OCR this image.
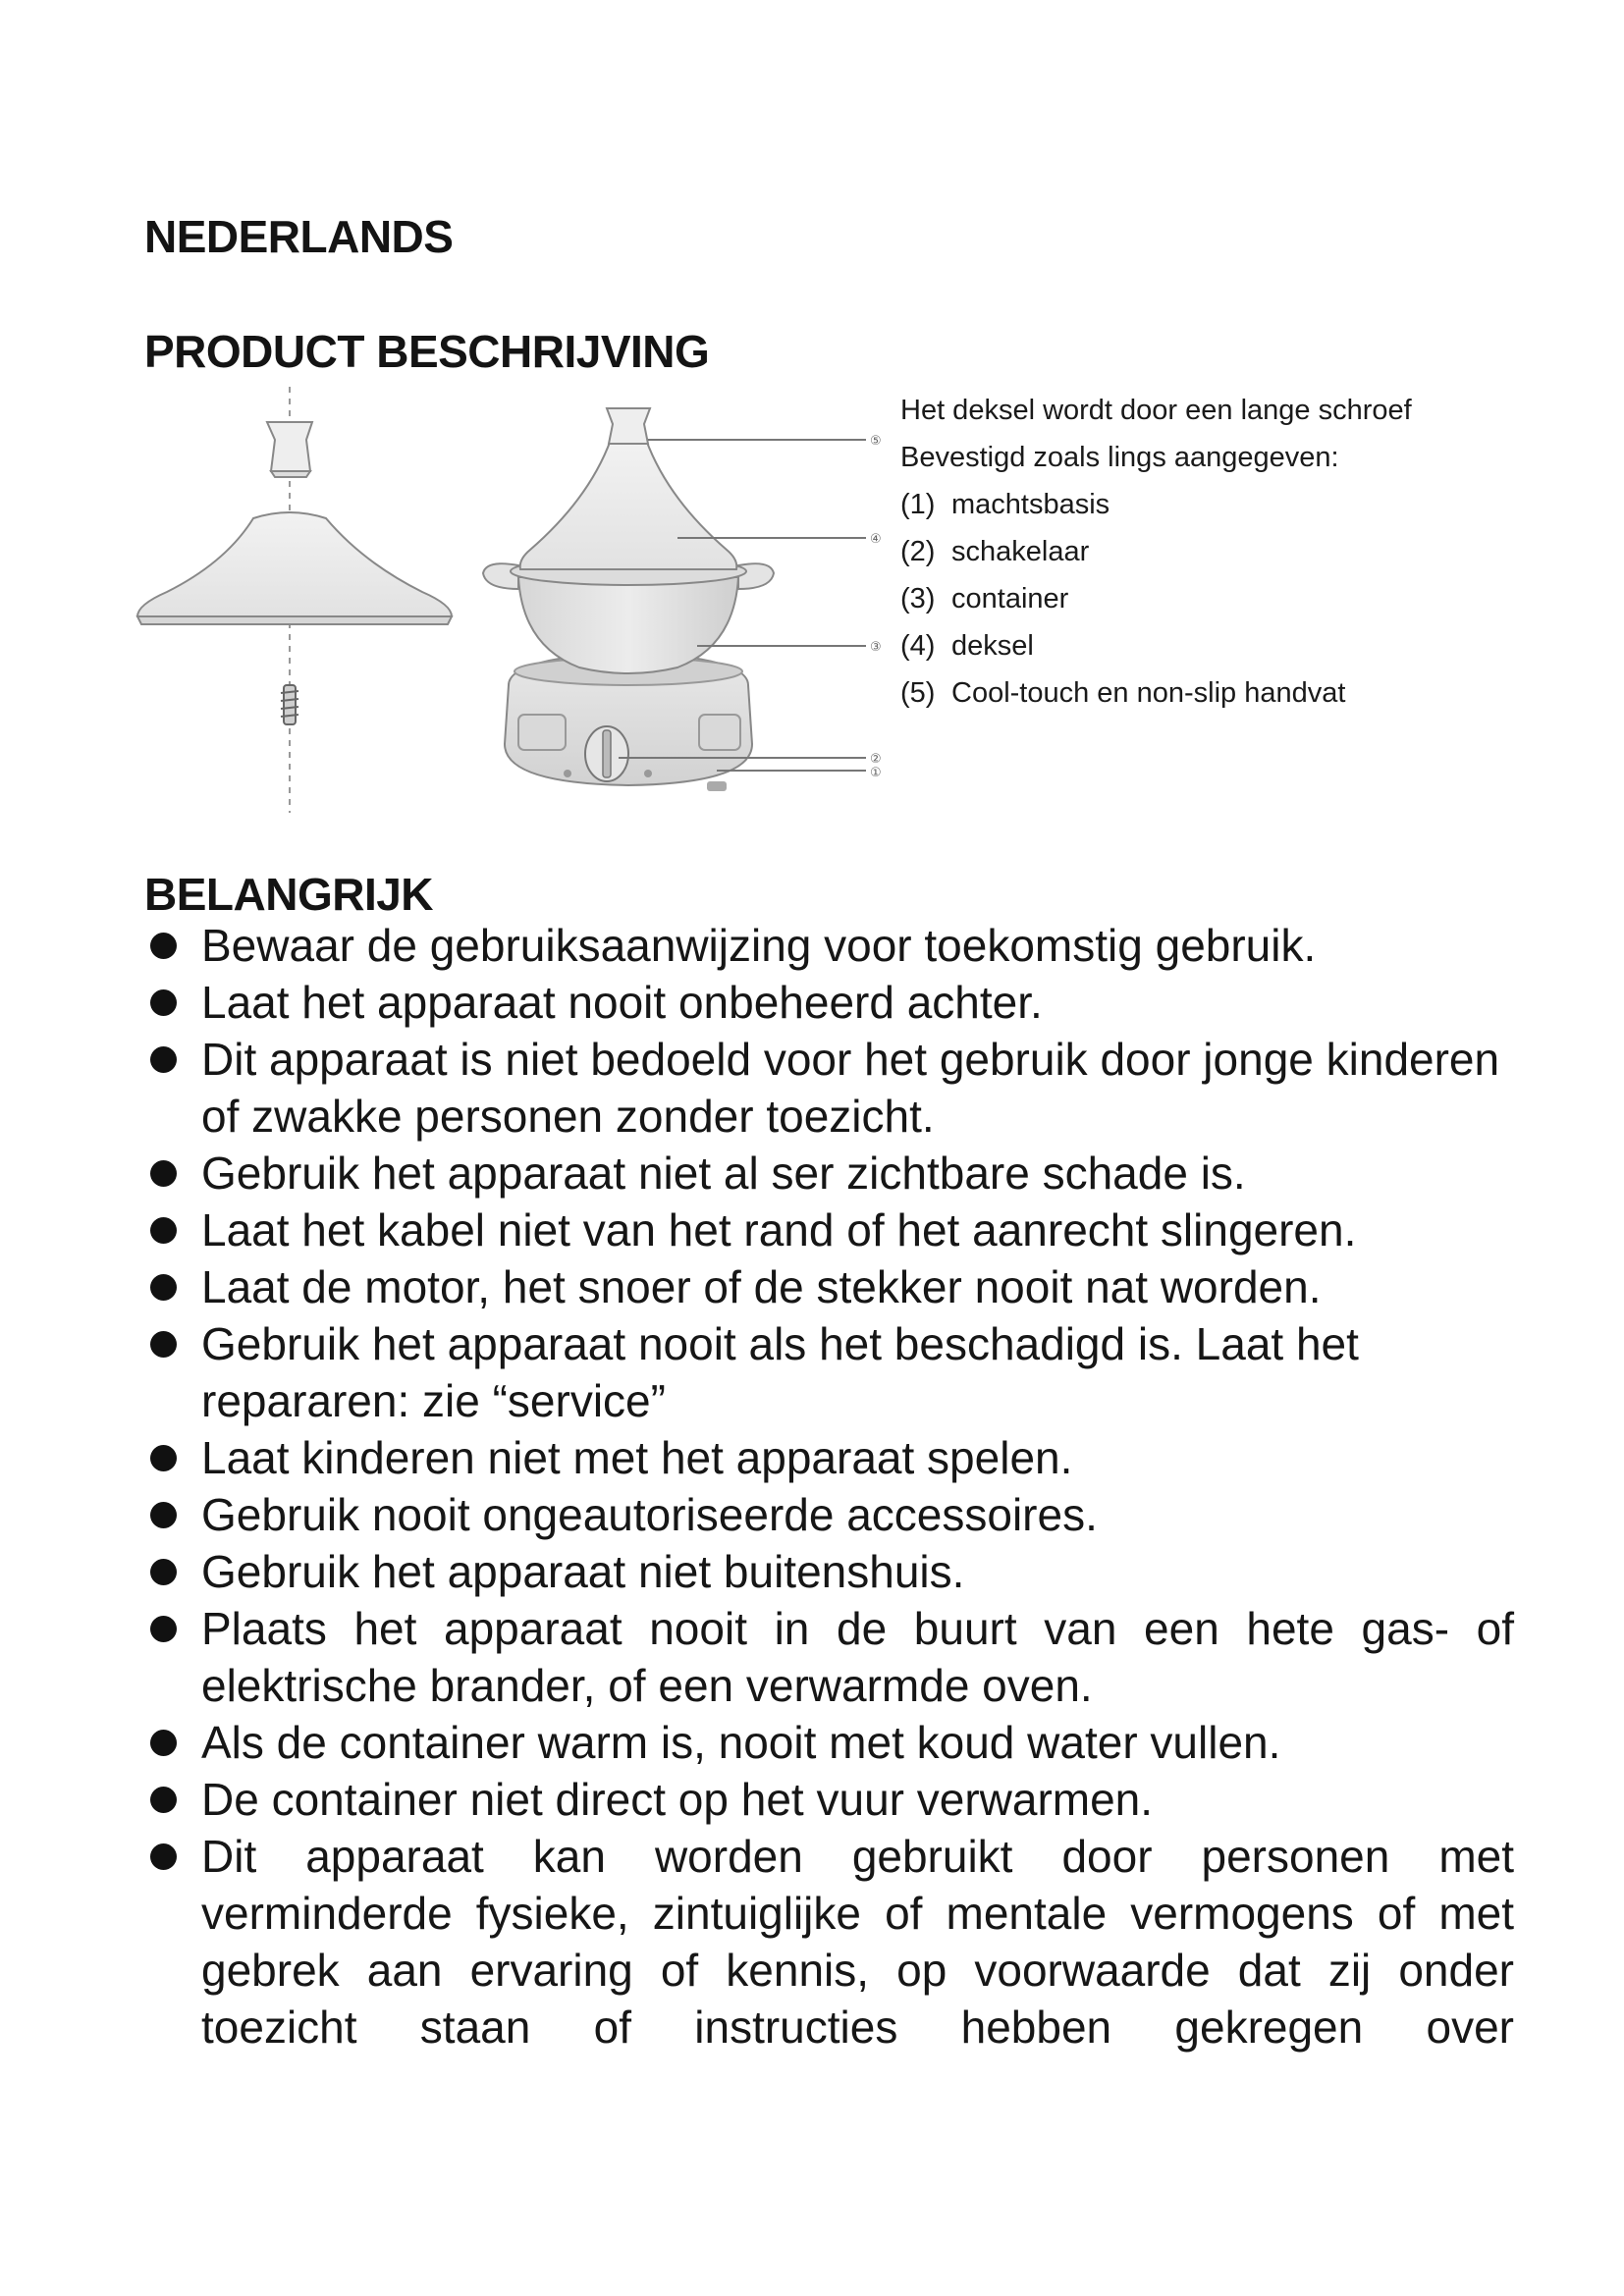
NEDERLANDS
PRODUCT BESCHRIJVING
⑤
④
③
②
①
Het deksel wordt door een lange schroef
Bevestigd zoals lings aangegeven:
(1) machtsbasis
(2) schakelaar
(3) container
(4) deksel
(5) Cool-touch en non-slip handvat
BELANGRIJK
Bewaar de gebruiksaanwijzing voor toekomstig gebruik.
Laat het apparaat nooit onbeheerd achter.
Dit apparaat is niet bedoeld voor het gebruik door jonge kinderen of zwakke personen zonder toezicht.
Gebruik het apparaat niet al ser zichtbare schade is.
Laat het kabel niet van het rand of het aanrecht slingeren.
Laat de motor, het snoer of de stekker nooit nat worden.
Gebruik het apparaat nooit als het beschadigd is. Laat het repararen: zie “service”
Laat kinderen niet met het apparaat spelen.
Gebruik nooit ongeautoriseerde accessoires.
Gebruik het apparaat niet buitenshuis.
Plaats het apparaat nooit in de buurt van een hete gas- of elektrische brander, of een verwarmde oven.
Als de container warm is, nooit met koud water vullen.
De container niet direct op het vuur verwarmen.
Dit apparaat kan worden gebruikt door personen met verminderde fysieke, zintuiglijke of mentale vermogens of met gebrek aan ervaring of kennis, op voorwaarde dat zij onder toezicht staan of instructies hebben gekregen over
